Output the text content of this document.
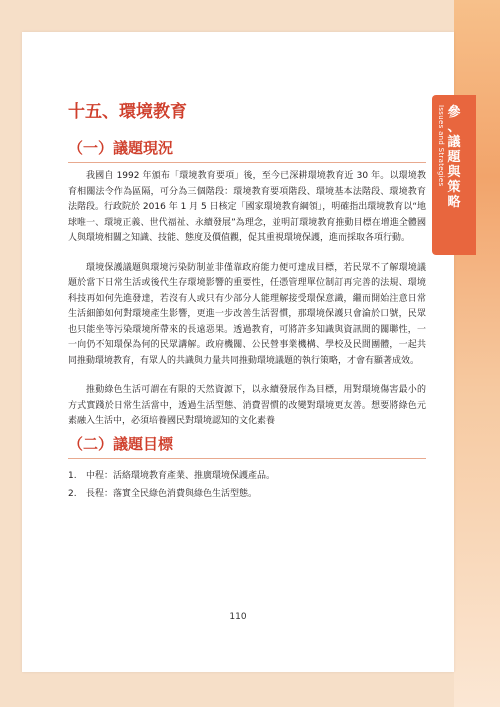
Issues and Strategies 參
、
議
題
與
策
略
十五、環境教育
（一）議題現況

我國自 1992 年頒布「環境教育要項」後，至今已深耕環境教育近 30 年。以環境教育相關法令作為區隔，可分為三個階段：環境教育要項階段、環境基本法階段、環境教育法階段。行政院於 2016 年 1 月 5 日核定「國家環境教育綱領」，明確指出環境教育以“地球唯一、環境正義、世代福祉、永續發展”為理念，並明訂環境教育推動目標在增進全體國人與環境相關之知識、技能、態度及價值觀，促其重視環境保護，進而採取各項行動。

環境保護議題與環境污染防制並非僅靠政府能力便可達成目標，若民眾不了解環境議題於當下日常生活或後代生存環境影響的重要性，任憑管理單位制訂再完善的法規、環境科技再如何先進發達，若沒有人或只有少部分人能理解接受環保意識，繼而開始注意日常生活細節如何對環境產生影響，更進一步改善生活習慣，那環境保護只會淪於口號，民眾也只能坐等污染環境所帶來的長遠惡果。透過教育，可將許多知識與資訊間的關聯性，一一向仍不知環保為何的民眾講解。政府機關、公民營事業機構、學校及民間團體，一起共同推動環境教育，有眾人的共識與力量共同推動環境議題的執行策略，才會有顯著成效。

推動綠色生活可謂在有限的天然資源下，以永續發展作為目標，用對環境傷害最小的方式實踐於日常生活當中，透過生活型態、消費習慣的改變對環境更友善。想要將綠色元素融入生活中，必須培養國民對環境認知的文化素養

（二）議題目標
1. 中程：活絡環境教育產業、推廣環境保護產品。
2. 長程：落實全民綠色消費與綠色生活型態。
110
